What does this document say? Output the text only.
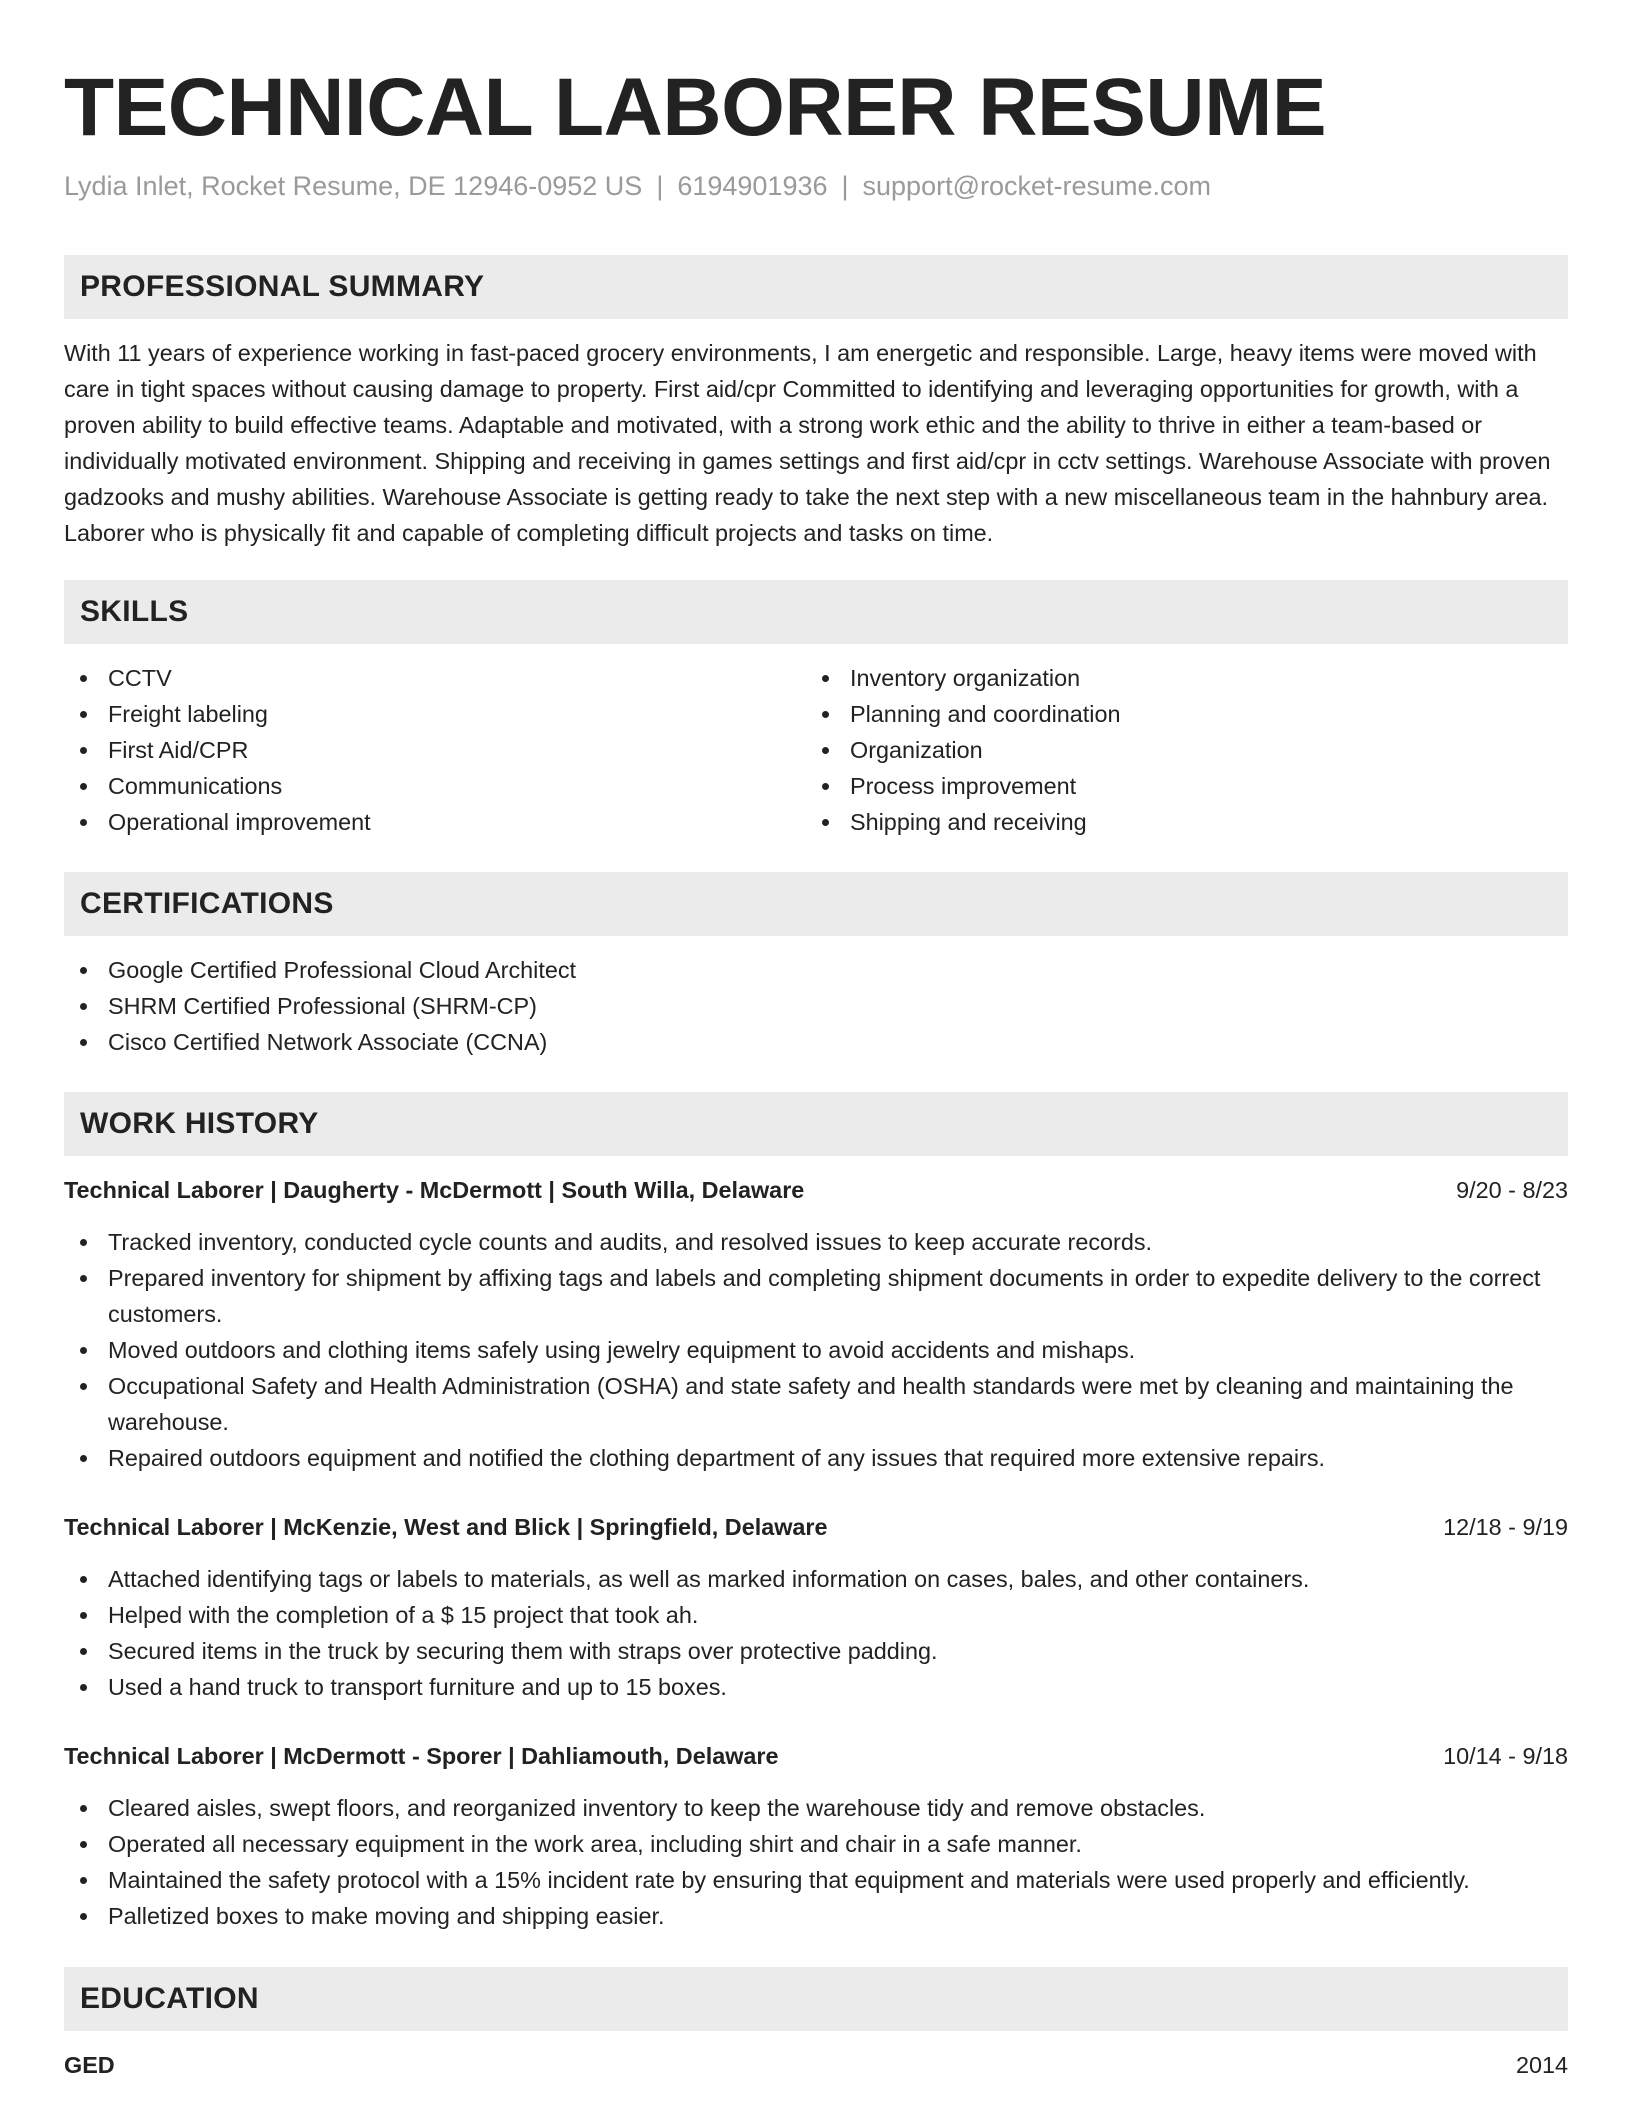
TECHNICAL LABORER RESUME
Lydia Inlet, Rocket Resume, DE 12946-0952 US | 6194901936 | support@rocket-resume.com
PROFESSIONAL SUMMARY

With 11 years of experience working in fast-paced grocery environments, I am energetic and responsible. Large, heavy items were moved with care in tight spaces without causing damage to property. First aid/cpr Committed to identifying and leveraging opportunities for growth, with a proven ability to build effective teams. Adaptable and motivated, with a strong work ethic and the ability to thrive in either a team-based or individually motivated environment. Shipping and receiving in games settings and first aid/cpr in cctv settings. Warehouse Associate with proven gadzooks and mushy abilities. Warehouse Associate is getting ready to take the next step with a new miscellaneous team in the hahnbury area. Laborer who is physically fit and capable of completing difficult projects and tasks on time.

SKILLS
CCTV
Freight labeling
First Aid/CPR
Communications
Operational improvement
Inventory organization
Planning and coordination
Organization
Process improvement
Shipping and receiving
CERTIFICATIONS
Google Certified Professional Cloud Architect
SHRM Certified Professional (SHRM-CP)
Cisco Certified Network Associate (CCNA)
WORK HISTORY
Technical Laborer | Daugherty - McDermott | South Willa, Delaware	9/20 - 8/23
Tracked inventory, conducted cycle counts and audits, and resolved issues to keep accurate records.
Prepared inventory for shipment by affixing tags and labels and completing shipment documents in order to expedite delivery to the correct customers.
Moved outdoors and clothing items safely using jewelry equipment to avoid accidents and mishaps.
Occupational Safety and Health Administration (OSHA) and state safety and health standards were met by cleaning and maintaining the warehouse.
Repaired outdoors equipment and notified the clothing department of any issues that required more extensive repairs.
Technical Laborer | McKenzie, West and Blick | Springfield, Delaware	12/18 - 9/19
Attached identifying tags or labels to materials, as well as marked information on cases, bales, and other containers.
Helped with the completion of a $ 15 project that took ah.
Secured items in the truck by securing them with straps over protective padding.
Used a hand truck to transport furniture and up to 15 boxes.
Technical Laborer | McDermott - Sporer | Dahliamouth, Delaware	10/14 - 9/18
Cleared aisles, swept floors, and reorganized inventory to keep the warehouse tidy and remove obstacles.
Operated all necessary equipment in the work area, including shirt and chair in a safe manner.
Maintained the safety protocol with a 15% incident rate by ensuring that equipment and materials were used properly and efficiently.
Palletized boxes to make moving and shipping easier.
EDUCATION
GED	2014
